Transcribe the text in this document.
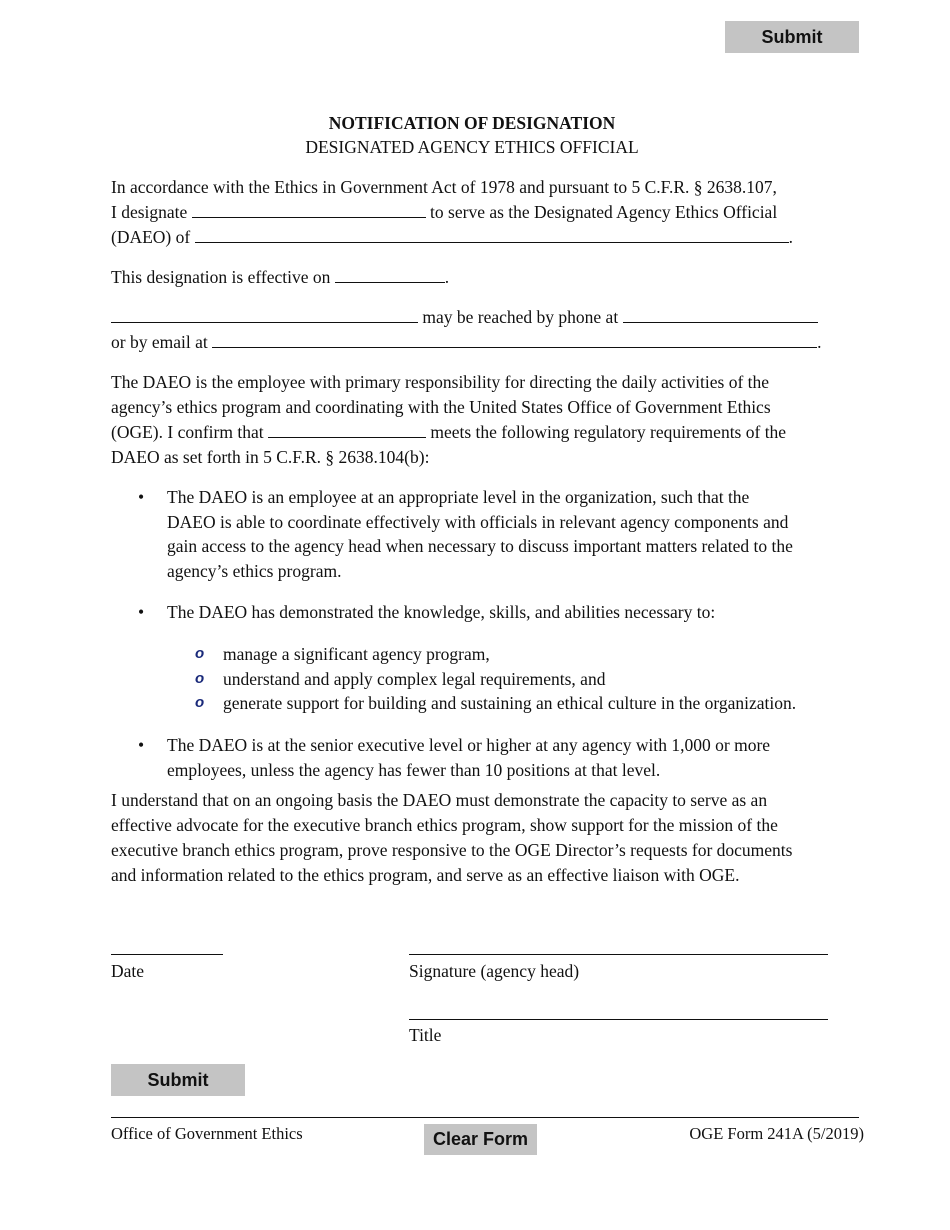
Submit
NOTIFICATION OF DESIGNATION
DESIGNATED AGENCY ETHICS OFFICIAL
In accordance with the Ethics in Government Act of 1978 and pursuant to 5 C.F.R. § 2638.107,
I designate	to serve as the Designated Agency Ethics Official
(DAEO) of	.
This designation is effective on	.
may be reached by phone at
or by email at	.
The DAEO is the employee with primary responsibility for directing the daily activities of the
agency’s ethics program and coordinating with the United States Office of Government Ethics
(OGE). I confirm that	meets the following regulatory requirements of the
DAEO as set forth in 5 C.F.R. § 2638.104(b):
• The DAEO is an employee at an appropriate level in the organization, such that the
DAEO is able to coordinate effectively with officials in relevant agency components and
gain access to the agency head when necessary to discuss important matters related to the
agency’s ethics program.
• The DAEO has demonstrated the knowledge, skills, and abilities necessary to:
o manage a significant agency program,
o understand and apply complex legal requirements, and
o generate support for building and sustaining an ethical culture in the organization.
• The DAEO is at the senior executive level or higher at any agency with 1,000 or more
employees, unless the agency has fewer than 10 positions at that level.
I understand that on an ongoing basis the DAEO must demonstrate the capacity to serve as an
effective advocate for the executive branch ethics program, show support for the mission of the
executive branch ethics program, prove responsive to the OGE Director’s requests for documents
and information related to the ethics program, and serve as an effective liaison with OGE.
Date	Signature (agency head)
Title
Submit
Office of Government Ethics	Clear Form	OGE Form 241A (5/2019)
